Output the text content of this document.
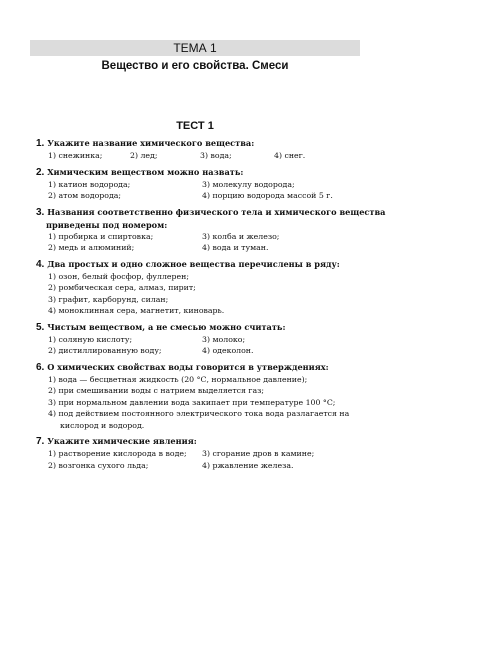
ТЕМА 1
Вещество и его свойства. Смеси
ТЕСТ 1
1. Укажите название химического вещества:
1) снежинка;	2) лед;	3) вода;	4) снег.
2. Химическим веществом можно назвать:
1) катион водорода;	3) молекулу водорода;
2) атом водорода;	4) порцию водорода массой 5 г.
3. Названия соответственно физического тела и химического вещества
приведены под номером:
1) пробирка и спиртовка;	3) колба и железо;
2) медь и алюминий;	4) вода и туман.
4. Два простых и одно сложное вещества перечислены в ряду:
1) озон, белый фосфор, фуллерен;
2) ромбическая сера, алмаз, пирит;
3) графит, карборунд, силан;
4) моноклинная сера, магнетит, киноварь.
5. Чистым веществом, а не смесью можно считать:
1) соляную кислоту;	3) молоко;
2) дистиллированную воду;	4) одеколон.
6. О химических свойствах воды говорится в утверждениях:
1) вода — бесцветная жидкость (20 °С, нормальное давление);
2) при смешивании воды с натрием выделяется газ;
3) при нормальном давлении вода закипает при температуре 100 °С;
4) под действием постоянного электрического тока вода разлагается на кислород и водород.
7. Укажите химические явления:
1) растворение кислорода в воде;	3) сгорание дров в камине;
2) возгонка сухого льда;	4) ржавление железа.
